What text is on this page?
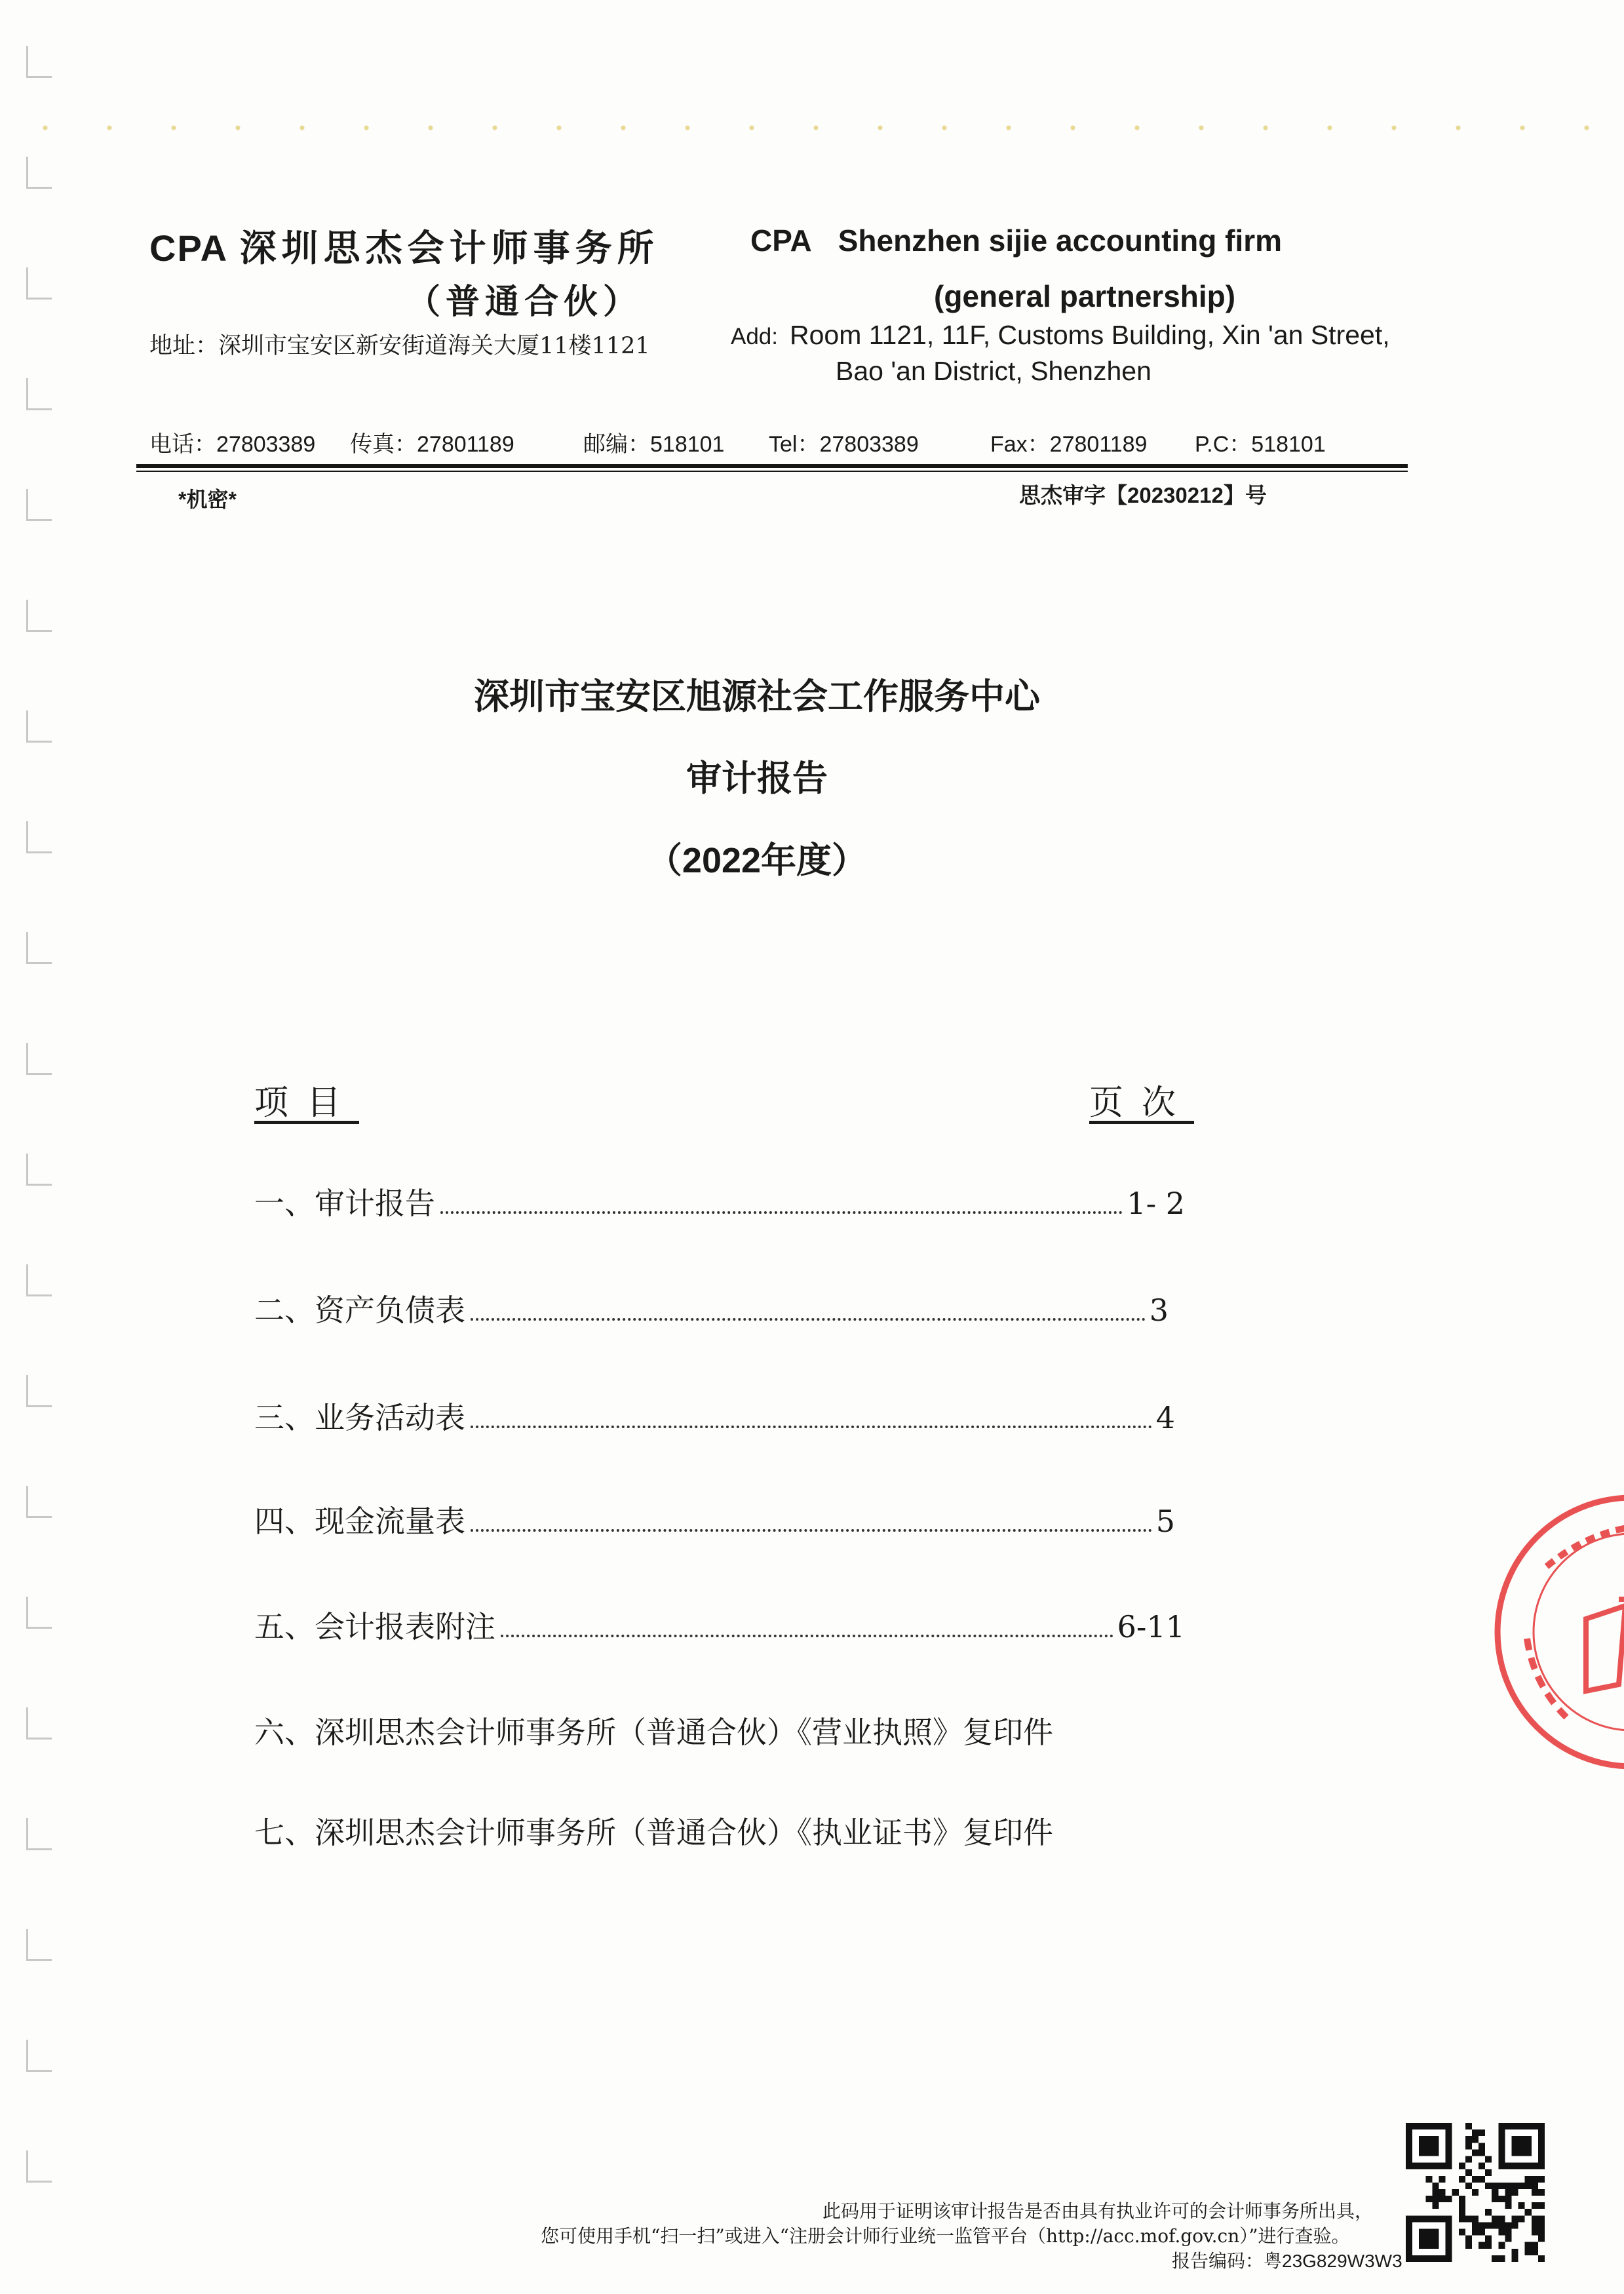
CPA 深圳思杰会计师事务所
（普通合伙）
地址：深圳市宝安区新安街道海关大厦11楼1121
CPA Shenzhen sijie accounting firm
(general partnership)
Add: Room 1121, 11F, Customs Building, Xin 'an Street,
Bao 'an District, Shenzhen
电话：27803389 传真：27801189	邮编：518101 Tel：27803389	Fax：27801189 P.C：518101
*机密*	思杰审字【20230212】号
深圳市宝安区旭源社会工作服务中心
审计报告
（2022年度）
项目	页次
一、审计报告	1- 2
二、资产负债表	3
三、业务活动表	4
四、现金流量表	5
五、会计报表附注	6-11
六、深圳思杰会计师事务所（普通合伙）《营业执照》复印件
七、深圳思杰会计师事务所（普通合伙）《执业证书》复印件
此码用于证明该审计报告是否由具有执业许可的会计师事务所出具，
您可使用手机“扫一扫”或进入“注册会计师行业统一监管平台（http://acc.mof.gov.cn）”进行查验。
报告编码：粤23G829W3W3
